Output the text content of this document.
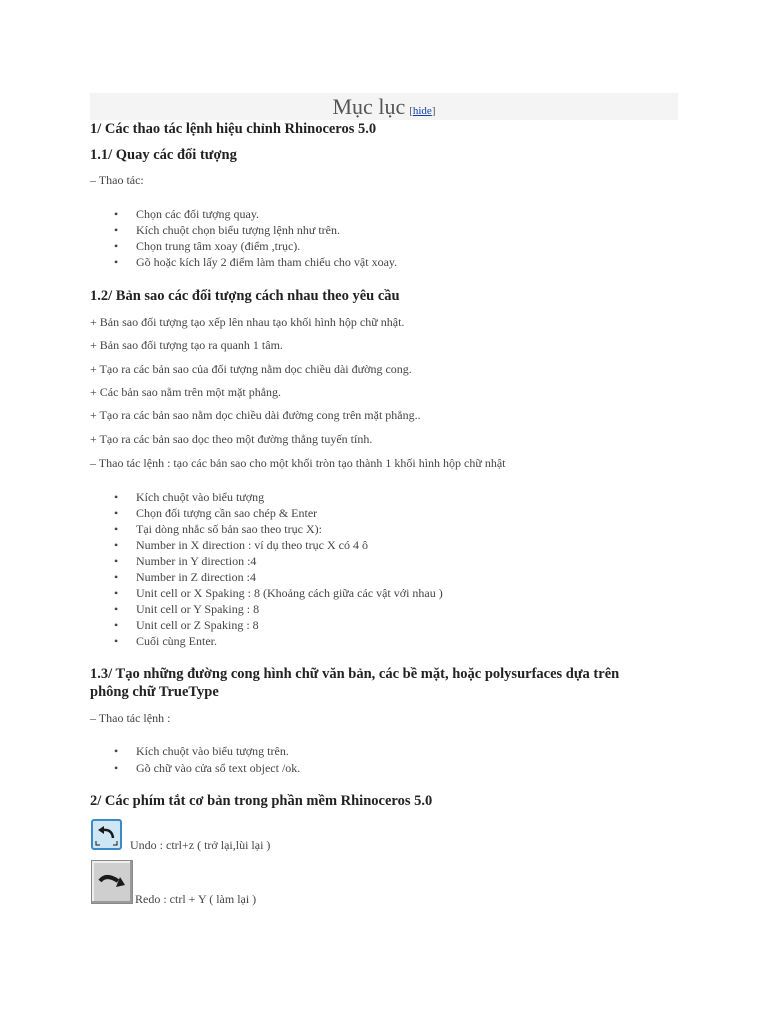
Mục lục [hide]
1/ Các thao tác lệnh hiệu chỉnh Rhinoceros 5.0
1.1/ Quay các đối tượng
– Thao tác:
• Chọn các đối tượng quay.
• Kích chuột chọn biểu tượng lệnh như trên.
• Chọn trung tâm xoay (điểm ,trục).
• Gõ hoặc kích lấy 2 điểm làm tham chiếu cho vật xoay.
1.2/ Bản sao các đối tượng cách nhau theo yêu cầu
+ Bản sao đối tượng tạo xếp lên nhau tạo khối hình hộp chữ nhật.
+ Bản sao đối tượng tạo ra quanh 1 tâm.
+ Tạo ra các bản sao của đối tượng nằm dọc chiều dài đường cong.
+ Các bản sao nằm trên một mặt phẳng.
+ Tạo ra các bản sao nằm dọc chiều dài đường cong trên mặt phẳng..
+ Tạo ra các bản sao dọc theo một đường thẳng tuyến tính.
– Thao tác lệnh : tạo các bản sao cho một khối tròn tạo thành 1 khối hình hộp chữ nhật
• Kích chuột vào biểu tượng
• Chọn đối tượng cần sao chép & Enter
• Tại dòng nhắc số bản sao theo trục X):
• Number in X direction : ví dụ theo trục X có 4 ô
• Number in Y direction :4
• Number in Z direction :4
• Unit cell or X Spaking : 8 (Khoảng cách giữa các vật với nhau )
• Unit cell or Y Spaking : 8
• Unit cell or Z Spaking : 8
• Cuối cùng Enter.
1.3/ Tạo những đường cong hình chữ văn bản, các bề mặt, hoặc polysurfaces dựa trên
phông chữ TrueType
– Thao tác lệnh :
• Kích chuột vào biểu tượng trên.
• Gõ chữ vào cửa sổ text object /ok.
2/ Các phím tắt cơ bản trong phần mềm Rhinoceros 5.0
Undo : ctrl+z ( trở lại,lùi lại )
Redo : ctrl + Y ( làm lại )
